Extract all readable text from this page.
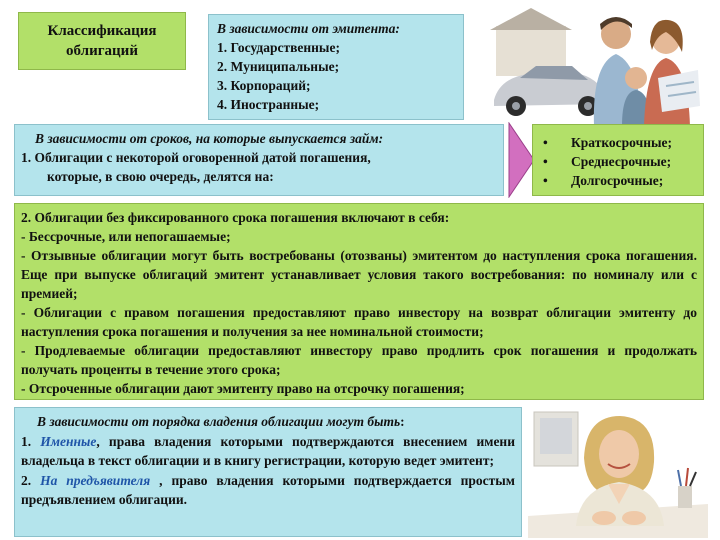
Классификация
облигаций
В зависимости от эмитента:
1. Государственные;
2. Муниципальные;
3. Корпораций;
4. Иностранные;
В зависимости от сроков, на которые выпускается займ:
1. Облигации с некоторой оговоренной датой погашения,
которые, в свою очередь, делятся на:
•	Краткосрочные;
•	Среднесрочные;
•	Долгосрочные;

2. Облигации без фиксированного срока погашения включают в себя:

- Бессрочные, или непогашаемые;

- Отзывные облигации могут быть востребованы (отозваны) эмитентом до наступления срока погашения. Еще при выпуске облигаций эмитент устанавливает условия такого востребования: по номиналу или с премией;

- Облигации с правом погашения предоставляют право инвестору на возврат облигации эмитенту до наступления срока погашения и получения за нее номинальной стоимости;

- Продлеваемые облигации предоставляют инвестору право продлить срок погашения и продолжать получать проценты в течение этого срока;

- Отсроченные облигации дают эмитенту право на отсрочку погашения;

В зависимости от порядка владения облигации могут быть:

1. Именные, права владения которыми подтверждаются внесением имени владельца в текст облигации и в книгу регистрации, которую ведет эмитент;

2. На предъявителя , право владения которыми подтверждается простым предъявлением облигации.
